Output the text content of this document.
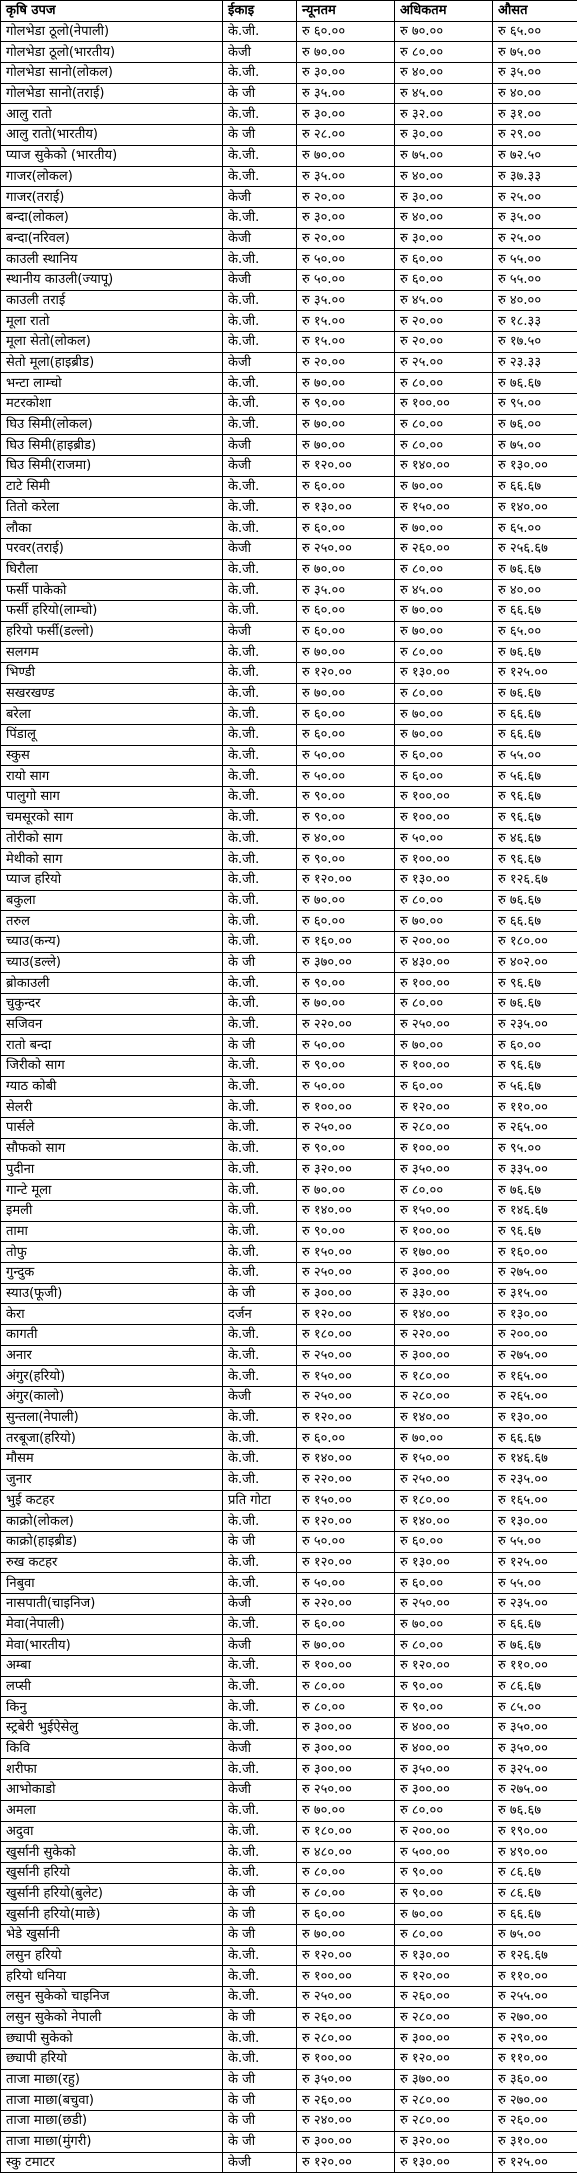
कृषि उपज	ईकाइ	न्यूनतम	अधिकतम	औसत
गोलभेडा ठूलो(नेपाली)	के.जी.	रु ६०.००	रु ७०.००	रु ६५.००
गोलभेडा ठूलो(भारतीय)	केजी	रु ७०.००	रु ८०.००	रु ७५.००
गोलभेडा सानो(लोकल)	के.जी.	रु ३०.००	रु ४०.००	रु ३५.००
गोलभेडा सानो(तराई)	के जी	रु ३५.००	रु ४५.००	रु ४०.००
आलु रातो	के.जी.	रु ३०.००	रु ३२.००	रु ३१.००
आलु रातो(भारतीय)	के जी	रु २८.००	रु ३०.००	रु २९.००
प्याज सुकेको (भारतीय)	के.जी.	रु ७०.००	रु ७५.००	रु ७२.५०
गाजर(लोकल)	के.जी.	रु ३५.००	रु ४०.००	रु ३७.३३
गाजर(तराई)	केजी	रु २०.००	रु ३०.००	रु २५.००
बन्दा(लोकल)	के.जी.	रु ३०.००	रु ४०.००	रु ३५.००
बन्दा(नरिवल)	केजी	रु २०.००	रु ३०.००	रु २५.००
काउली स्थानिय	के.जी.	रु ५०.००	रु ६०.००	रु ५५.००
स्थानीय काउली(ज्यापू)	केजी	रु ५०.००	रु ६०.००	रु ५५.००
काउली तराई	के.जी.	रु ३५.००	रु ४५.००	रु ४०.००
मूला रातो	के.जी.	रु १५.००	रु २०.००	रु १८.३३
मूला सेतो(लोकल)	के.जी.	रु १५.००	रु २०.००	रु १७.५०
सेतो मूला(हाइब्रीड)	केजी	रु २०.००	रु २५.००	रु २३.३३
भन्टा लाम्चो	के.जी.	रु ७०.००	रु ८०.००	रु ७६.६७
मटरकोशा	के.जी.	रु ९०.००	रु १००.००	रु ९५.००
घिउ सिमी(लोकल)	के.जी.	रु ७०.००	रु ८०.००	रु ७६.००
घिउ सिमी(हाइब्रीड)	केजी	रु ७०.००	रु ८०.००	रु ७५.००
घिउ सिमी(राजमा)	केजी	रु १२०.००	रु १४०.००	रु १३०.००
टाटे सिमी	के.जी.	रु ६०.००	रु ७०.००	रु ६६.६७
तितो करेला	के.जी.	रु १३०.००	रु १५०.००	रु १४०.००
लौका	के.जी.	रु ६०.००	रु ७०.००	रु ६५.००
परवर(तराई)	केजी	रु २५०.००	रु २६०.००	रु २५६.६७
घिरौला	के.जी.	रु ७०.००	रु ८०.००	रु ७६.६७
फर्सी पाकेको	के.जी.	रु ३५.००	रु ४५.००	रु ४०.००
फर्सी हरियो(लाम्चो)	के.जी.	रु ६०.००	रु ७०.००	रु ६६.६७
हरियो फर्सी(डल्लो)	केजी	रु ६०.००	रु ७०.००	रु ६५.००
सलगम	के.जी.	रु ७०.००	रु ८०.००	रु ७६.६७
भिण्डी	के.जी.	रु १२०.००	रु १३०.००	रु १२५.००
सखरखण्ड	के.जी.	रु ७०.००	रु ८०.००	रु ७६.६७
बरेला	के.जी.	रु ६०.००	रु ७०.००	रु ६६.६७
पिंडालू	के.जी.	रु ६०.००	रु ७०.००	रु ६६.६७
स्कुस	के.जी.	रु ५०.००	रु ६०.००	रु ५५.००
रायो साग	के.जी.	रु ५०.००	रु ६०.००	रु ५६.६७
पालुगो साग	के.जी.	रु ९०.००	रु १००.००	रु ९६.६७
चमसूरको साग	के.जी.	रु ९०.००	रु १००.००	रु ९६.६७
तोरीको साग	के.जी.	रु ४०.००	रु ५०.००	रु ४६.६७
मेथीको साग	के.जी.	रु ९०.००	रु १००.००	रु ९६.६७
प्याज हरियो	के.जी.	रु १२०.००	रु १३०.००	रु १२६.६७
बकुला	के.जी.	रु ७०.००	रु ८०.००	रु ७६.६७
तरुल	के.जी.	रु ६०.००	रु ७०.००	रु ६६.६७
च्याउ(कन्य)	के.जी.	रु १६०.००	रु २००.००	रु १८०.००
च्याउ(डल्ले)	के जी	रु ३७०.००	रु ४३०.००	रु ४०२.००
ब्रोकाउली	के.जी.	रु ९०.००	रु १००.००	रु ९६.६७
चुकुन्दर	के.जी.	रु ७०.००	रु ८०.००	रु ७६.६७
सजिवन	के.जी.	रु २२०.००	रु २५०.००	रु २३५.००
रातो बन्दा	के जी	रु ५०.००	रु ७०.००	रु ६०.००
जिरीको साग	के.जी.	रु ९०.००	रु १००.००	रु ९६.६७
ग्याठ कोबी	के.जी.	रु ५०.००	रु ६०.००	रु ५६.६७
सेलरी	के.जी.	रु १००.००	रु १२०.००	रु ११०.००
पार्सले	के.जी.	रु २५०.००	रु २८०.००	रु २६५.००
सौफको साग	के.जी.	रु ९०.००	रु १००.००	रु ९५.००
पुदीना	के.जी.	रु ३२०.००	रु ३५०.००	रु ३३५.००
गान्टे मूला	के.जी.	रु ७०.००	रु ८०.००	रु ७६.६७
इमली	के.जी.	रु १४०.००	रु १५०.००	रु १४६.६७
तामा	के.जी.	रु ९०.००	रु १००.००	रु ९६.६७
तोफु	के.जी.	रु १५०.००	रु १७०.००	रु १६०.००
गुन्दुक	के.जी.	रु २५०.००	रु ३००.००	रु २७५.००
स्याउ(फूजी)	के जी	रु ३००.००	रु ३३०.००	रु ३१५.००
केरा	दर्जन	रु १२०.००	रु १४०.००	रु १३०.००
कागती	के.जी.	रु १८०.००	रु २२०.००	रु २००.००
अनार	के.जी.	रु २५०.००	रु ३००.००	रु २७५.००
अंगुर(हरियो)	के.जी.	रु १५०.००	रु १८०.००	रु १६५.००
अंगुर(कालो)	केजी	रु २५०.००	रु २८०.००	रु २६५.००
सुन्तला(नेपाली)	के.जी.	रु १२०.००	रु १४०.००	रु १३०.००
तरबूजा(हरियो)	के.जी.	रु ६०.००	रु ७०.००	रु ६६.६७
मौसम	के.जी.	रु १४०.००	रु १५०.००	रु १४६.६७
जुनार	के.जी.	रु २२०.००	रु २५०.००	रु २३५.००
भुई कटहर	प्रति गोटा	रु १५०.००	रु १८०.००	रु १६५.००
काक्रो(लोकल)	के.जी.	रु १२०.००	रु १४०.००	रु १३०.००
काक्रो(हाइब्रीड)	के जी	रु ५०.००	रु ६०.००	रु ५५.००
रुख कटहर	के.जी.	रु १२०.००	रु १३०.००	रु १२५.००
निबुवा	के.जी.	रु ५०.००	रु ६०.००	रु ५५.००
नासपाती(चाइनिज)	केजी	रु २२०.००	रु २५०.००	रु २३५.००
मेवा(नेपाली)	के.जी.	रु ६०.००	रु ७०.००	रु ६६.६७
मेवा(भारतीय)	केजी	रु ७०.००	रु ८०.००	रु ७६.६७
अम्बा	के.जी.	रु १००.००	रु १२०.००	रु ११०.००
लप्सी	के.जी.	रु ८०.००	रु ९०.००	रु ८६.६७
किनु	के.जी.	रु ८०.००	रु ९०.००	रु ८५.००
स्ट्रबेरी भुईऐसेलु	के.जी.	रु ३००.००	रु ४००.००	रु ३५०.००
किवि	केजी	रु ३००.००	रु ४००.००	रु ३५०.००
शरीफा	के.जी.	रु ३००.००	रु ३५०.००	रु ३२५.००
आभोकाडो	केजी	रु २५०.००	रु ३००.००	रु २७५.००
अमला	के.जी.	रु ७०.००	रु ८०.००	रु ७६.६७
अदुवा	के.जी.	रु १८०.००	रु २००.००	रु १९०.००
खुर्सानी सुकेको	के.जी.	रु ४८०.००	रु ५००.००	रु ४९०.००
खुर्सानी हरियो	के.जी.	रु ८०.००	रु ९०.००	रु ८६.६७
खुर्सानी हरियो(बुलेट)	के जी	रु ८०.००	रु ९०.००	रु ८६.६७
खुर्सानी हरियो(माछे)	के जी	रु ६०.००	रु ७०.००	रु ६६.६७
भेडे खुर्सानी	के जी	रु ७०.००	रु ८०.००	रु ७५.००
लसुन हरियो	के.जी.	रु १२०.००	रु १३०.००	रु १२६.६७
हरियो धनिया	के.जी.	रु १००.००	रु १२०.००	रु ११०.००
लसुन सुकेको चाइनिज	के.जी.	रु २५०.००	रु २६०.००	रु २५५.००
लसुन सुकेको नेपाली	के जी	रु २६०.००	रु २८०.००	रु २७०.००
छ्यापी सुकेको	के.जी.	रु २८०.००	रु ३००.००	रु २९०.००
छ्यापी हरियो	के.जी.	रु १००.००	रु १२०.००	रु ११०.००
ताजा माछा(रहु)	के जी	रु ३५०.००	रु ३७०.००	रु ३६०.००
ताजा माछा(बचुवा)	के जी	रु २६०.००	रु २८०.००	रु २७०.००
ताजा माछा(छडी)	के जी	रु २४०.००	रु २८०.००	रु २६०.००
ताजा माछा(मुंगरी)	के जी	रु ३००.००	रु ३२०.००	रु ३१०.००
स्कु टमाटर	केजी	रु १२०.००	रु १३०.००	रु १२५.००
